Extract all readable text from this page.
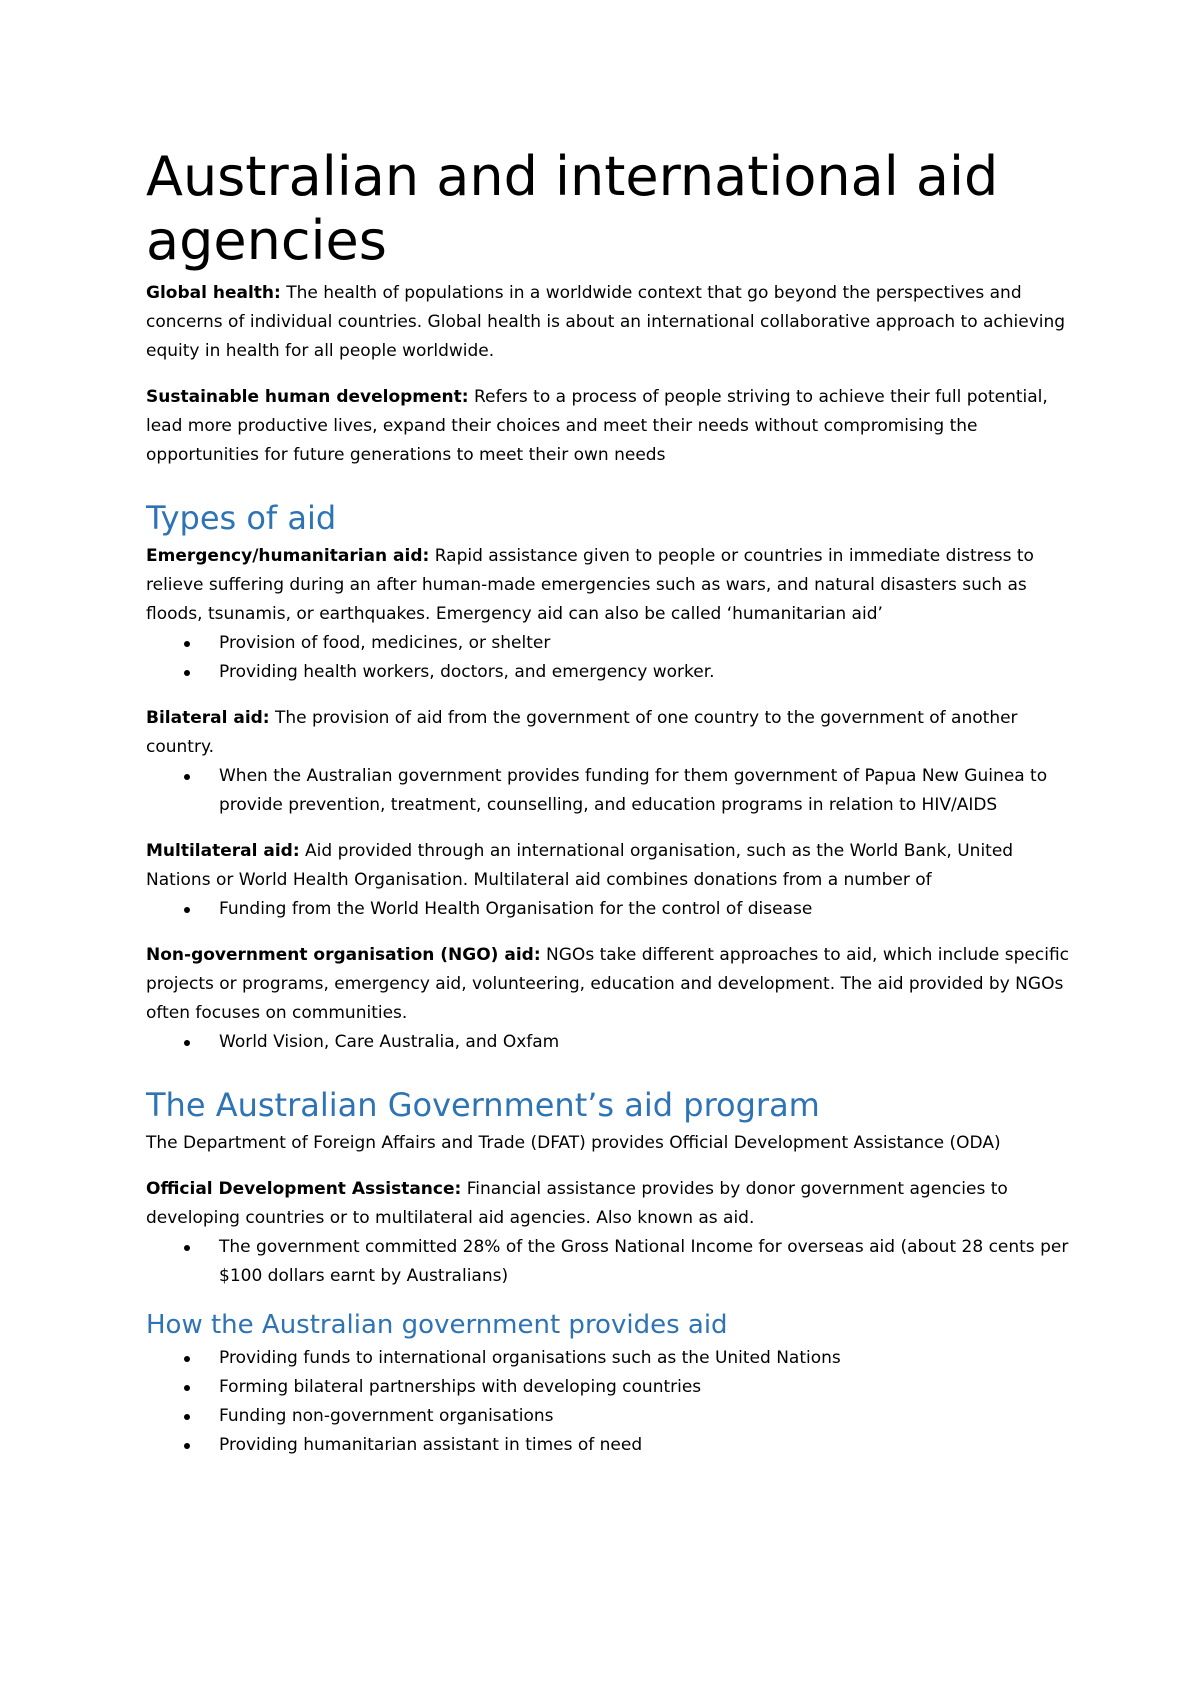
Australian and international aid agencies

Global health: The health of populations in a worldwide context that go beyond the perspectives and concerns of individual countries. Global health is about an international collaborative approach to achieving equity in health for all people worldwide.

Sustainable human development: Refers to a process of people striving to achieve their full potential, lead more productive lives, expand their choices and meet their needs without compromising the opportunities for future generations to meet their own needs

Types of aid

Emergency/humanitarian aid: Rapid assistance given to people or countries in immediate distress to relieve suffering during an after human-made emergencies such as wars, and natural disasters such as floods, tsunamis, or earthquakes. Emergency aid can also be called ‘humanitarian aid’

Provision of food, medicines, or shelter
Providing health workers, doctors, and emergency worker.

Bilateral aid: The provision of aid from the government of one country to the government of another country.

When the Australian government provides funding for them government of Papua New Guinea to provide prevention, treatment, counselling, and education programs in relation to HIV/AIDS

Multilateral aid: Aid provided through an international organisation, such as the World Bank, United Nations or World Health Organisation. Multilateral aid combines donations from a number of

Funding from the World Health Organisation for the control of disease

Non-government organisation (NGO) aid: NGOs take different approaches to aid, which include specific projects or programs, emergency aid, volunteering, education and development. The aid provided by NGOs often focuses on communities.

World Vision, Care Australia, and Oxfam
The Australian Government’s aid program

The Department of Foreign Affairs and Trade (DFAT) provides Official Development Assistance (ODA)

Official Development Assistance: Financial assistance provides by donor government agencies to developing countries or to multilateral aid agencies. Also known as aid.

The government committed 28% of the Gross National Income for overseas aid (about 28 cents per $100 dollars earnt by Australians)
How the Australian government provides aid
Providing funds to international organisations such as the United Nations
Forming bilateral partnerships with developing countries
Funding non-government organisations
Providing humanitarian assistant in times of need
